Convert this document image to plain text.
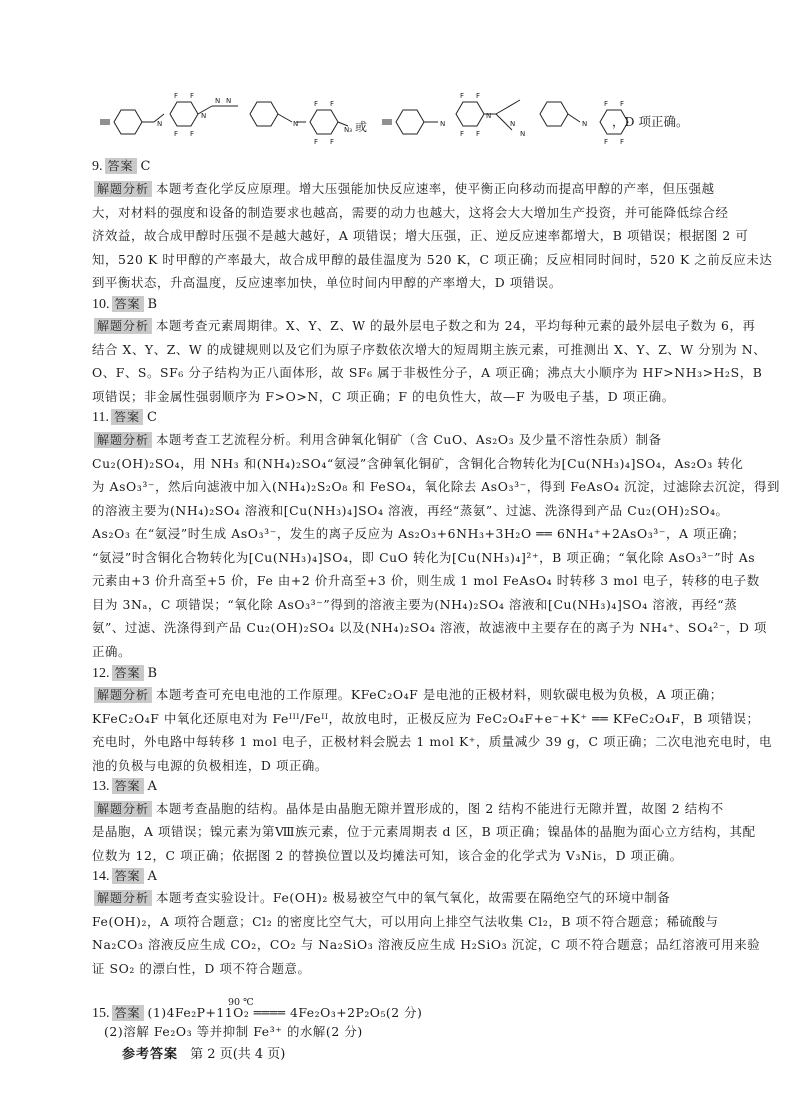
N
N
N N
F F
F F
N
F F
F F
N₃
N
N
F F
F F
N
N
N
F F
F F
或	，D 项正确。
9. 答案 C
解题分析 本题考查化学反应原理。增大压强能加快反应速率，使平衡正向移动而提高甲醇的产率，但压强越
大，对材料的强度和设备的制造要求也越高，需要的动力也越大，这将会大大增加生产投资，并可能降低综合经
济效益，故合成甲醇时压强不是越大越好，A 项错误；增大压强，正、逆反应速率都增大，B 项错误；根据图 2 可
知，520 K 时甲醇的产率最大，故合成甲醇的最佳温度为 520 K，C 项正确；反应相同时间时，520 K 之前反应未达
到平衡状态，升高温度，反应速率加快，单位时间内甲醇的产率增大，D 项错误。
10. 答案 B
解题分析 本题考查元素周期律。X、Y、Z、W 的最外层电子数之和为 24，平均每种元素的最外层电子数为 6，再
结合 X、Y、Z、W 的成键规则以及它们为原子序数依次增大的短周期主族元素，可推测出 X、Y、Z、W 分别为 N、
O、F、S。SF₆ 分子结构为正八面体形，故 SF₆ 属于非极性分子，A 项正确；沸点大小顺序为 HF>NH₃>H₂S，B
项错误；非金属性强弱顺序为 F>O>N，C 项正确；F 的电负性大，故—F 为吸电子基，D 项正确。
11. 答案 C
解题分析 本题考查工艺流程分析。利用含砷氧化铜矿（含 CuO、As₂O₃ 及少量不溶性杂质）制备
Cu₂(OH)₂SO₄，用 NH₃ 和(NH₄)₂SO₄“氨浸”含砷氧化铜矿，含铜化合物转化为[Cu(NH₃)₄]SO₄，As₂O₃ 转化
为 AsO₃³⁻，然后向滤液中加入(NH₄)₂S₂O₈ 和 FeSO₄，氧化除去 AsO₃³⁻，得到 FeAsO₄ 沉淀，过滤除去沉淀，得到
的溶液主要为(NH₄)₂SO₄ 溶液和[Cu(NH₃)₄]SO₄ 溶液，再经“蒸氨”、过滤、洗涤得到产品 Cu₂(OH)₂SO₄。
As₂O₃ 在“氨浸”时生成 AsO₃³⁻，发生的离子反应为 As₂O₃+6NH₃+3H₂O ══ 6NH₄⁺+2AsO₃³⁻，A 项正确；
“氨浸”时含铜化合物转化为[Cu(NH₃)₄]SO₄，即 CuO 转化为[Cu(NH₃)₄]²⁺，B 项正确；“氧化除 AsO₃³⁻”时 As
元素由+3 价升高至+5 价，Fe 由+2 价升高至+3 价，则生成 1 mol FeAsO₄ 时转移 3 mol 电子，转移的电子数
目为 3Nₐ，C 项错误；“氧化除 AsO₃³⁻”得到的溶液主要为(NH₄)₂SO₄ 溶液和[Cu(NH₃)₄]SO₄ 溶液，再经“蒸
氨”、过滤、洗涤得到产品 Cu₂(OH)₂SO₄ 以及(NH₄)₂SO₄ 溶液，故滤液中主要存在的离子为 NH₄⁺、SO₄²⁻，D 项
正确。
12. 答案 B
解题分析 本题考查可充电电池的工作原理。KFeC₂O₄F 是电池的正极材料，则软碳电极为负极，A 项正确；
KFeC₂O₄F 中氧化还原电对为 Feᴵᴵᴵ/Feᴵᴵ，故放电时，正极反应为 FeC₂O₄F+e⁻+K⁺ ══ KFeC₂O₄F，B 项错误；
充电时，外电路中每转移 1 mol 电子，正极材料会脱去 1 mol K⁺，质量减少 39 g，C 项正确；二次电池充电时，电
池的负极与电源的负极相连，D 项正确。
13. 答案 A
解题分析 本题考查晶胞的结构。晶体是由晶胞无隙并置形成的，图 2 结构不能进行无隙并置，故图 2 结构不
是晶胞，A 项错误；镍元素为第Ⅷ族元素，位于元素周期表 d 区，B 项正确；镍晶体的晶胞为面心立方结构，其配
位数为 12，C 项正确；依据图 2 的替换位置以及均摊法可知，该合金的化学式为 V₃Ni₅，D 项正确。
14. 答案 A
解题分析 本题考查实验设计。Fe(OH)₂ 极易被空气中的氧气氧化，故需要在隔绝空气的环境中制备
Fe(OH)₂，A 项符合题意；Cl₂ 的密度比空气大，可以用向上排空气法收集 Cl₂，B 项不符合题意；稀硫酸与
Na₂CO₃ 溶液反应生成 CO₂，CO₂ 与 Na₂SiO₃ 溶液反应生成 H₂SiO₃ 沉淀，C 项不符合题意；品红溶液可用来验
证 SO₂ 的漂白性，D 项不符合题意。
90 ℃
15. 答案 (1)4Fe₂P+11O₂ ════ 4Fe₂O₃+2P₂O₅(2 分)
(2)溶解 Fe₂O₃ 等并抑制 Fe³⁺ 的水解(2 分)
参考答案 第 2 页(共 4 页)
